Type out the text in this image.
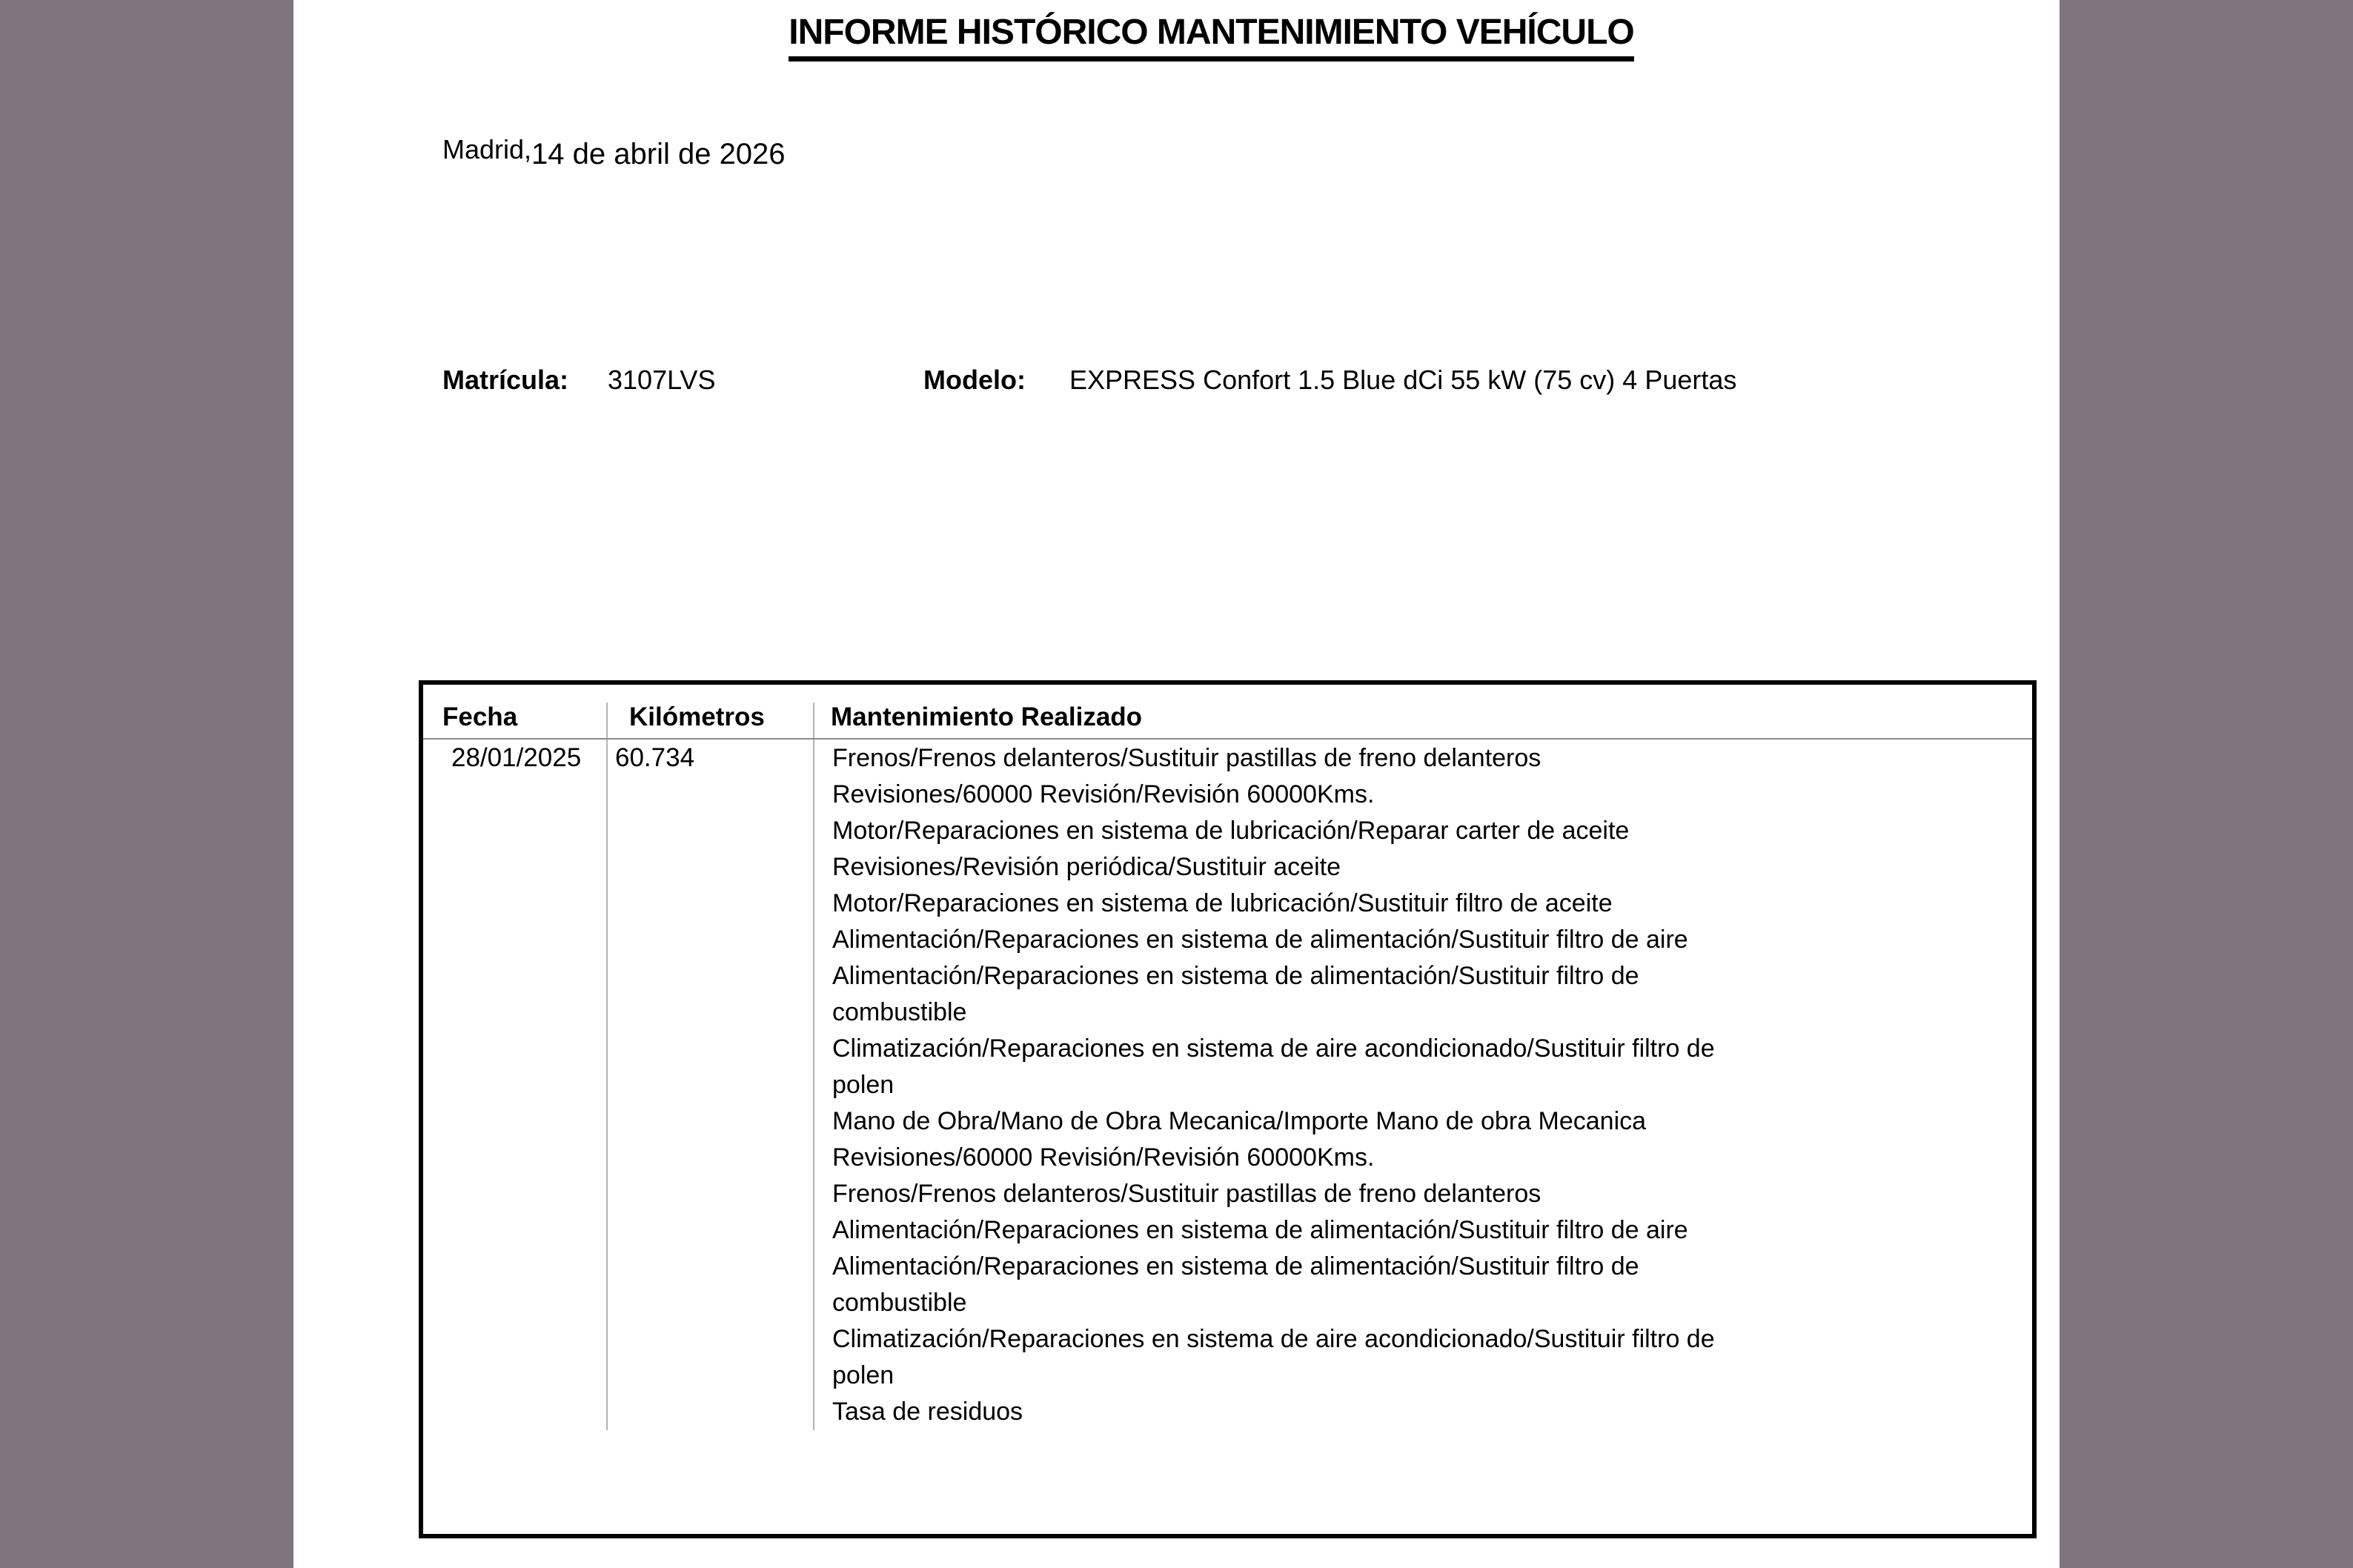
INFORME HISTÓRICO MANTENIMIENTO VEHÍCULO
Madrid,14 de abril de 2026
Matrícula: 3107LVS	Modelo: EXPRESS Confort 1.5 Blue dCi 55 kW (75 cv) 4 Puertas
Fecha	Kilómetros	Mantenimiento Realizado
28/01/2025	60.734	Frenos/Frenos delanteros/Sustituir pastillas de freno delanteros
Revisiones/60000 Revisión/Revisión 60000Kms.
Motor/Reparaciones en sistema de lubricación/Reparar carter de aceite
Revisiones/Revisión periódica/Sustituir aceite
Motor/Reparaciones en sistema de lubricación/Sustituir filtro de aceite
Alimentación/Reparaciones en sistema de alimentación/Sustituir filtro de aire
Alimentación/Reparaciones en sistema de alimentación/Sustituir filtro de
combustible
Climatización/Reparaciones en sistema de aire acondicionado/Sustituir filtro de
polen
Mano de Obra/Mano de Obra Mecanica/Importe Mano de obra Mecanica
Revisiones/60000 Revisión/Revisión 60000Kms.
Frenos/Frenos delanteros/Sustituir pastillas de freno delanteros
Alimentación/Reparaciones en sistema de alimentación/Sustituir filtro de aire
Alimentación/Reparaciones en sistema de alimentación/Sustituir filtro de
combustible
Climatización/Reparaciones en sistema de aire acondicionado/Sustituir filtro de
polen
Tasa de residuos
